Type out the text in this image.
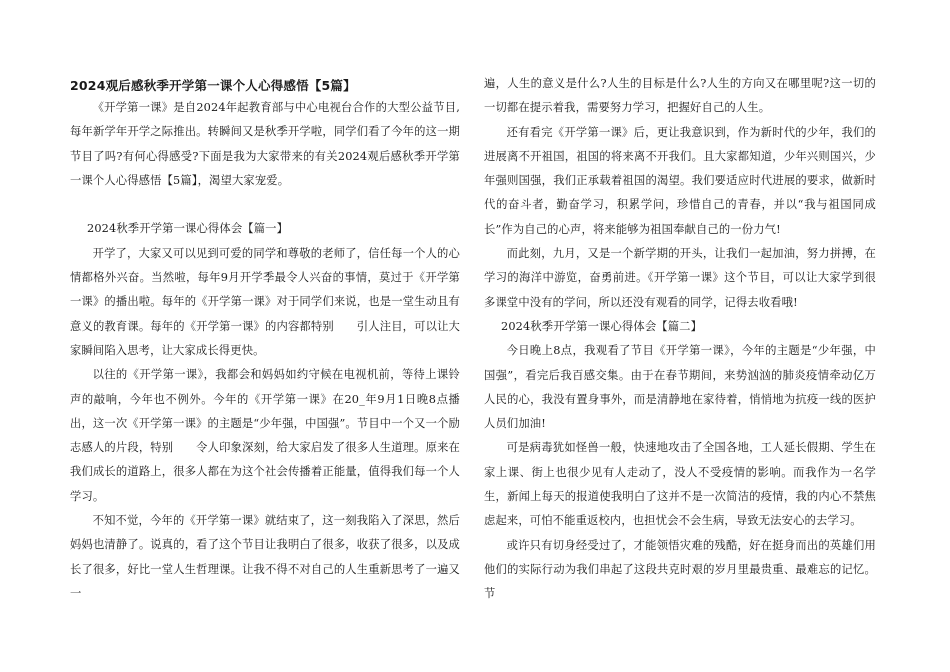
2024观后感秋季开学第一课个人心得感悟【5篇】

《开学第一课》是自2024年起教育部与中心电视台合作的大型公益节目,每年新学年开学之际推出。转瞬间又是秋季开学啦，同学们看了今年的这一期节目了吗?有何心得感受?下面是我为大家带来的有关2024观后感秋季开学第一课个人心得感悟【5篇】，渴望大家宠爱。

2024秋季开学第一课心得体会【篇一】

开学了，大家又可以见到可爱的同学和尊敬的老师了，信任每一个人的心情都格外兴奋。当然啦，每年9月开学季最令人兴奋的事情，莫过于《开学第一课》的播出啦。每年的《开学第一课》对于同学们来说，也是一堂生动且有意义的教育课。每年的《开学第一课》的内容都特别　　引人注目，可以让大家瞬间陷入思考，让大家成长得更快。

以往的《开学第一课》，我都会和妈妈如约守候在电视机前，等待上课铃声的敲响，今年也不例外。今年的《开学第一课》在20_年9月1日晚8点播出，这一次《开学第一课》的主题是“少年强，中国强”。节目中一个又一个励志感人的片段，特别　　令人印象深刻，给大家启发了很多人生道理。原来在我们成长的道路上，很多人都在为这个社会传播着正能量，值得我们每一个人学习。

不知不觉，今年的《开学第一课》就结束了，这一刻我陷入了深思，然后妈妈也清静了。说真的，看了这个节目让我明白了很多，收获了很多，以及成长了很多，好比一堂人生哲理课。让我不得不对自己的人生重新思考了一遍又一

遍，人生的意义是什么?人生的目标是什么?人生的方向又在哪里呢?这一切的一切都在提示着我，需要努力学习，把握好自己的人生。

还有看完《开学第一课》后，更让我意识到，作为新时代的少年，我们的进展离不开祖国，祖国的将来离不开我们。且大家都知道，少年兴则国兴，少年强则国强，我们正承载着祖国的渴望。我们要适应时代进展的要求，做新时代的奋斗者，勤奋学习，积累学问，珍惜自己的青春，并以“我与祖国同成长”作为自己的心声，将来能够为祖国奉献自己的一份力气!

而此刻，九月，又是一个新学期的开头，让我们一起加油，努力拼搏，在学习的海洋中游览，奋勇前进。《开学第一课》这个节目，可以让大家学到很多课堂中没有的学问，所以还没有观看的同学，记得去收看哦!

2024秋季开学第一课心得体会【篇二】

今日晚上8点，我观看了节目《开学第一课》，今年的主题是“少年强，中国强”，看完后我百感交集。由于在春节期间，来势汹汹的肺炎疫情牵动亿万人民的心，我没有置身事外，而是清静地在家待着，悄悄地为抗疫一线的医护人员们加油!

可是病毒犹如怪兽一般，快速地攻击了全国各地，工人延长假期、学生在家上课、街上也很少见有人走动了，没人不受疫情的影响。而我作为一名学生，新闻上每天的报道使我明白了这并不是一次简洁的疫情，我的内心不禁焦虑起来，可怕不能重返校内，也担忧会不会生病，导致无法安心的去学习。

或许只有切身经受过了，才能领悟灾难的残酷，好在挺身而出的英雄们用他们的实际行动为我们串起了这段共克时艰的岁月里最贵重、最难忘的记忆。节
